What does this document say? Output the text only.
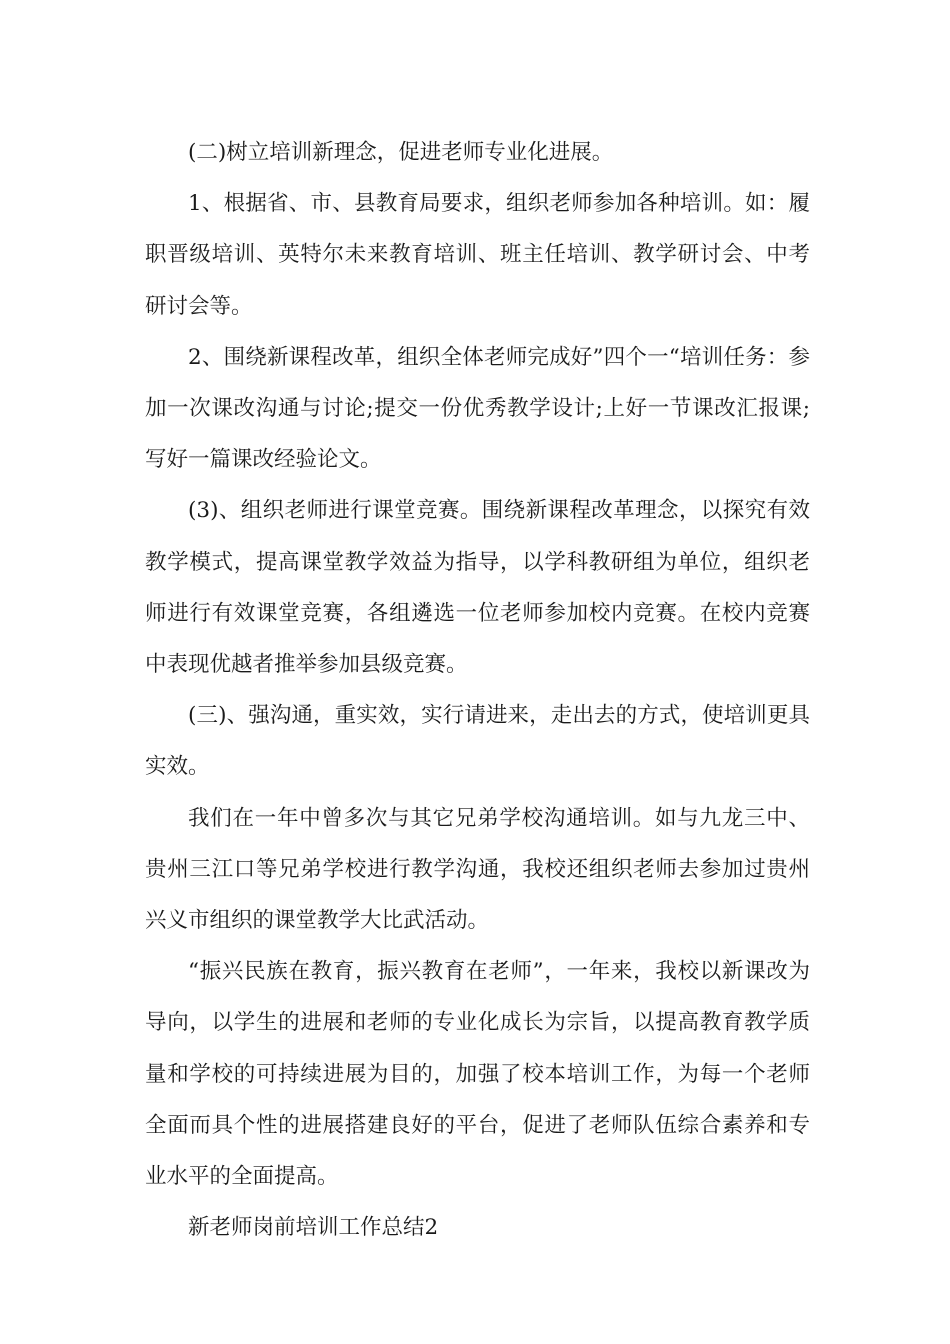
(二)树立培训新理念，促进老师专业化进展。

1、根据省、市、县教育局要求，组织老师参加各种培训。如：履职晋级培训、英特尔未来教育培训、班主任培训、教学研讨会、中考研讨会等。

2、围绕新课程改革，组织全体老师完成好”四个一“培训任务：参加一次课改沟通与讨论;提交一份优秀教学设计;上好一节课改汇报课;写好一篇课改经验论文。

(3)、组织老师进行课堂竞赛。围绕新课程改革理念，以探究有效教学模式，提高课堂教学效益为指导，以学科教研组为单位，组织老师进行有效课堂竞赛，各组遴选一位老师参加校内竞赛。在校内竞赛中表现优越者推举参加县级竞赛。

(三)、强沟通，重实效，实行请进来，走出去的方式，使培训更具实效。

我们在一年中曾多次与其它兄弟学校沟通培训。如与九龙三中、贵州三江口等兄弟学校进行教学沟通，我校还组织老师去参加过贵州兴义市组织的课堂教学大比武活动。

“振兴民族在教育，振兴教育在老师”，一年来，我校以新课改为导向，以学生的进展和老师的专业化成长为宗旨，以提高教育教学质量和学校的可持续进展为目的，加强了校本培训工作，为每一个老师全面而具个性的进展搭建良好的平台，促进了老师队伍综合素养和专业水平的全面提高。

新老师岗前培训工作总结2
